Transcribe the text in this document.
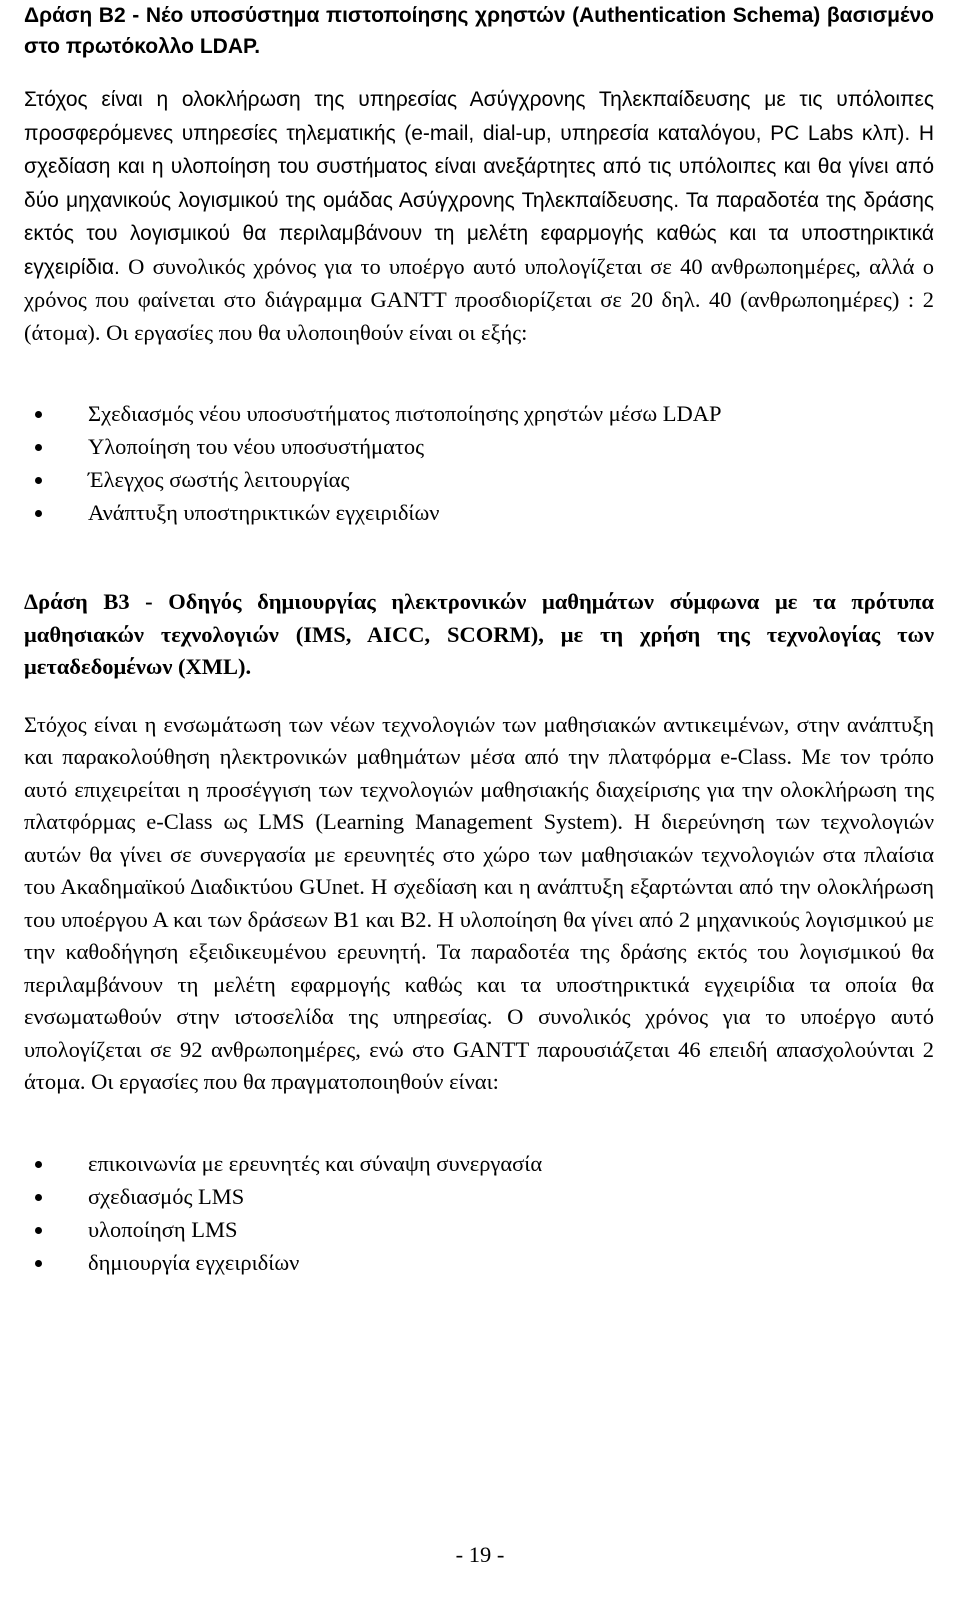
Δράση Β2 - Νέο υποσύστημα πιστοποίησης χρηστών (Authentication Schema) βασισμένο στο πρωτόκολλο LDAP.

Στόχος είναι η ολοκλήρωση της υπηρεσίας Ασύγχρονης Τηλεκπαίδευσης με τις υπόλοιπες προσφερόμενες υπηρεσίες τηλεματικής (e-mail, dial-up, υπηρεσία καταλόγου, PC Labs κλπ). Η σχεδίαση και η υλοποίηση του συστήματος είναι ανεξάρτητες από τις υπόλοιπες και θα γίνει από δύο μηχανικούς λογισμικού της ομάδας Ασύγχρονης Τηλεκπαίδευσης. Τα παραδοτέα της δράσης εκτός του λογισμικού θα περιλαμβάνουν τη μελέτη εφαρμογής καθώς και τα υποστηρικτικά εγχειρίδια. Ο συνολικός χρόνος για το υποέργο αυτό υπολογίζεται σε 40 ανθρωποημέρες, αλλά ο χρόνος που φαίνεται στο διάγραμμα GANTT προσδιορίζεται σε 20 δηλ. 40 (ανθρωποημέρες) : 2 (άτομα). Οι εργασίες που θα υλοποιηθούν είναι οι εξής:

Σχεδιασμός νέου υποσυστήματος πιστοποίησης χρηστών μέσω LDAP
Υλοποίηση του νέου υποσυστήματος
Έλεγχος σωστής λειτουργίας
Ανάπτυξη υποστηρικτικών εγχειριδίων

Δράση Β3 - Οδηγός δημιουργίας ηλεκτρονικών μαθημάτων σύμφωνα με τα πρότυπα μαθησιακών τεχνολογιών (IMS, AICC, SCORM), με τη χρήση της τεχνολογίας των μεταδεδομένων (XML).

Στόχος είναι η ενσωμάτωση των νέων τεχνολογιών των μαθησιακών αντικειμένων, στην ανάπτυξη και παρακολούθηση ηλεκτρονικών μαθημάτων μέσα από την πλατφόρμα e-Class. Με τον τρόπο αυτό επιχειρείται η προσέγγιση των τεχνολογιών μαθησιακής διαχείρισης για την ολοκλήρωση της πλατφόρμας e-Class ως LMS (Learning Management System). Η διερεύνηση των τεχνολογιών αυτών θα γίνει σε συνεργασία με ερευνητές στο χώρο των μαθησιακών τεχνολογιών στα πλαίσια του Ακαδημαϊκού Διαδικτύου GUnet. Η σχεδίαση και η ανάπτυξη εξαρτώνται από την ολοκλήρωση του υποέργου Α και των δράσεων Β1 και Β2. Η υλοποίηση θα γίνει από 2 μηχανικούς λογισμικού με την καθοδήγηση εξειδικευμένου ερευνητή. Τα παραδοτέα της δράσης εκτός του λογισμικού θα περιλαμβάνουν τη μελέτη εφαρμογής καθώς και τα υποστηρικτικά εγχειρίδια τα οποία θα ενσωματωθούν στην ιστοσελίδα της υπηρεσίας. Ο συνολικός χρόνος για το υποέργο αυτό υπολογίζεται σε 92 ανθρωποημέρες, ενώ στο GANTT παρουσιάζεται 46 επειδή απασχολούνται 2 άτομα. Οι εργασίες που θα πραγματοποιηθούν είναι:

επικοινωνία με ερευνητές και σύναψη συνεργασία
σχεδιασμός LMS
υλοποίηση LMS
δημιουργία εγχειριδίων
- 19 -
